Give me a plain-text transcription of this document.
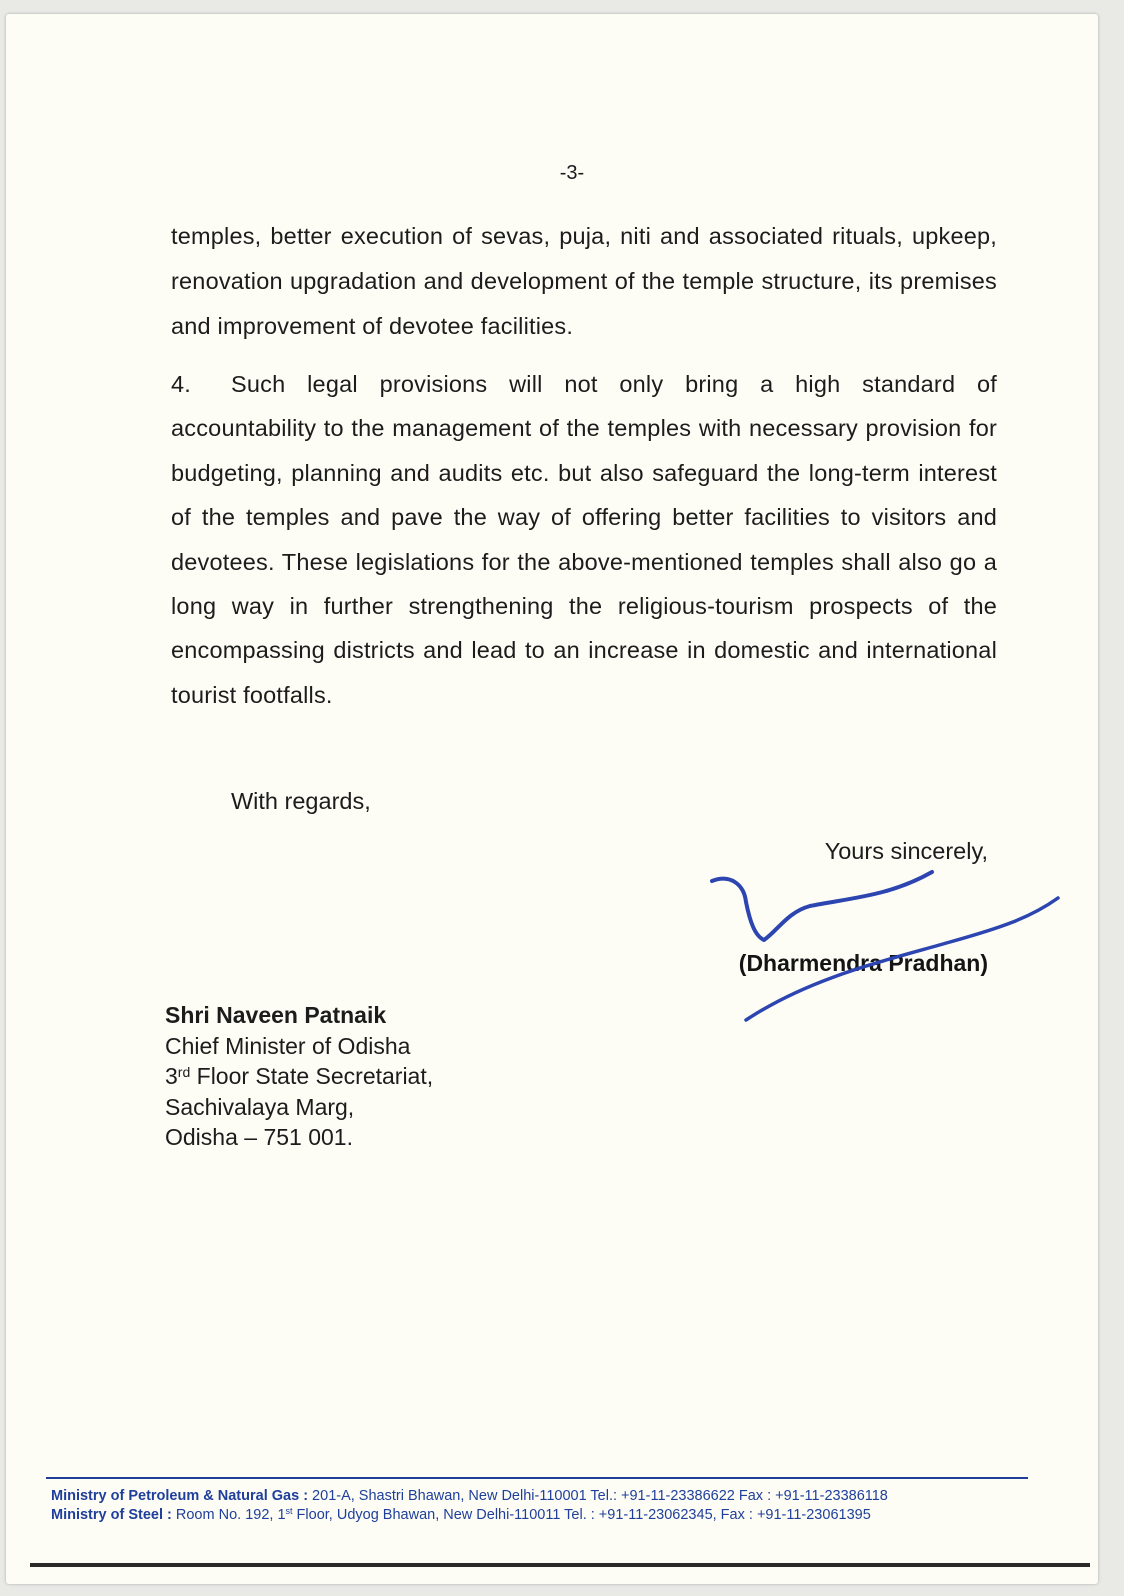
-3-
temples, better execution of sevas, puja, niti and associated rituals, upkeep, renovation upgradation and development of the temple structure, its premises and improvement of devotee facilities.
4. Such legal provisions will not only bring a high standard of accountability to the management of the temples with necessary provision for budgeting, planning and audits etc. but also safeguard the long-term interest of the temples and pave the way of offering better facilities to visitors and devotees. These legislations for the above-mentioned temples shall also go a long way in further strengthening the religious-tourism prospects of the encompassing districts and lead to an increase in domestic and international tourist footfalls.
With regards,
Yours sincerely,
(Dharmendra Pradhan)
Shri Naveen Patnaik
Chief Minister of Odisha
3rd Floor State Secretariat,
Sachivalaya Marg,
Odisha – 751 001.
Ministry of Petroleum & Natural Gas : 201-A, Shastri Bhawan, New Delhi-110001 Tel.: +91-11-23386622 Fax : +91-11-23386118
Ministry of Steel : Room No. 192, 1st Floor, Udyog Bhawan, New Delhi-110011 Tel. : +91-11-23062345, Fax : +91-11-23061395
